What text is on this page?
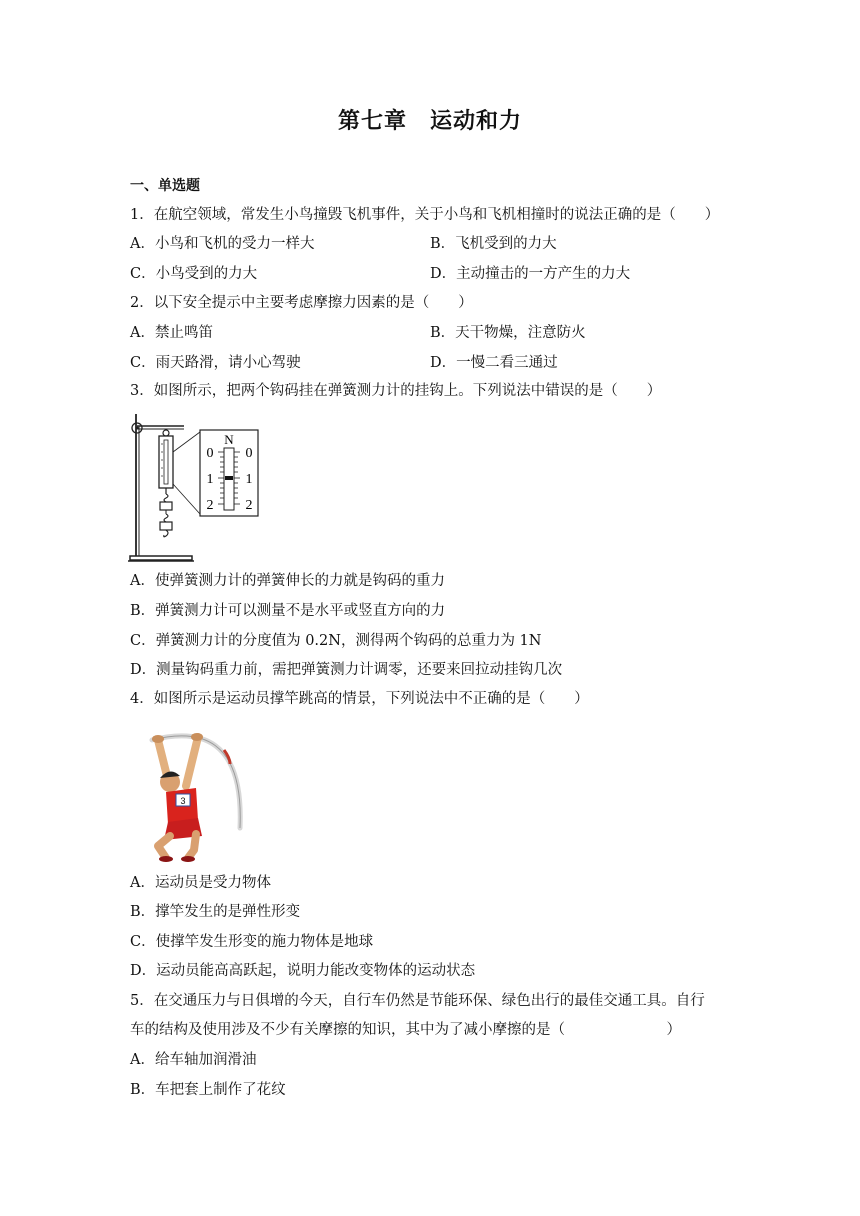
第七章　运动和力
一、单选题
1．在航空领域，常发生小鸟撞毁飞机事件，关于小鸟和飞机相撞时的说法正确的是（　　）
A．小鸟和飞机的受力一样大	B．飞机受到的力大
C．小鸟受到的力大	D．主动撞击的一方产生的力大
2．以下安全提示中主要考虑摩擦力因素的是（　　）
A．禁止鸣笛	B．天干物燥，注意防火
C．雨天路滑，请小心驾驶	D．一慢二看三通过
3．如图所示，把两个钩码挂在弹簧测力计的挂钩上。下列说法中错误的是（　　）
N
0
1
2
0
1
2
A．使弹簧测力计的弹簧伸长的力就是钩码的重力
B．弹簧测力计可以测量不是水平或竖直方向的力
C．弹簧测力计的分度值为 0.2N，测得两个钩码的总重力为 1N
D．测量钩码重力前，需把弹簧测力计调零，还要来回拉动挂钩几次
4．如图所示是运动员撑竿跳高的情景，下列说法中不正确的是（　　）
3
A．运动员是受力物体
B．撑竿发生的是弹性形变
C．使撑竿发生形变的施力物体是地球
D．运动员能高高跃起，说明力能改变物体的运动状态
5．在交通压力与日俱增的今天，自行车仍然是节能环保、绿色出行的最佳交通工具。自行
车的结构及使用涉及不少有关摩擦的知识，其中为了减小摩擦的是（　　　　　　　）
A．给车轴加润滑油
B．车把套上制作了花纹
